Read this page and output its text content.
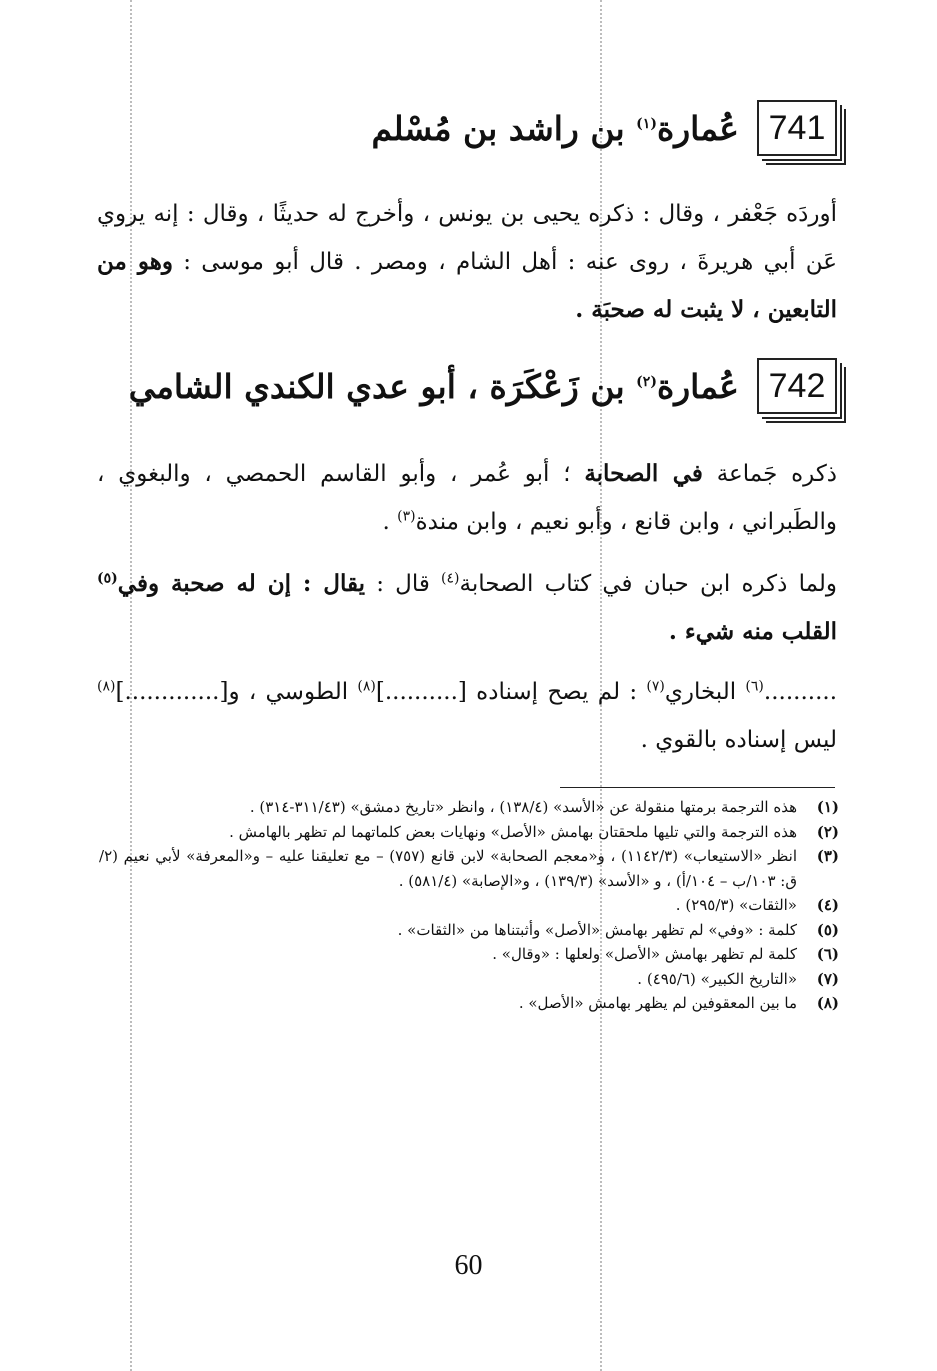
741
عُمارة$^{(١)}$ بن راشد بن مُسْلم
أوردَه جَعْفر ، وقال : ذكره يحيى بن يونس ، وأخرج له حديثًا ، وقال : إنه يروي عَن أبي هريرةَ ، روى عنه : أهل الشام ، ومصر . قال أبو موسى : وهو من التابعين ، لا يثبت له صحبَة .
742
عُمارة$^{(٢)}$ بن زَعْكَرَة ، أبو عدي الكندي الشامي
ذكره جَماعة في الصحابة ؛ أبو عُمر ، وأبو القاسم الحمصي ، والبغوي ، والطَبراني ، وابن قانع ، وأبو نعيم ، وابن مندة$^{(٣)}$ .
ولما ذكره ابن حبان في كتاب الصحابة$^{(٤)}$ قال : يقال : إن له صحبة وفي$^{(٥)}$ القلب منه شيء .
..........$^{(٦)}$ البخاري$^{(٧)}$ : لم يصح إسناده [..........]$^{(٨)}$ الطوسي ، و[.............]$^{(٨)}$ ليس إسناده بالقوي .
(١)
هذه الترجمة برمتها منقولة عن «الأسد» (١٣٨/٤) ، وانظر «تاريخ دمشق» (٣١١/٤٣-٣١٤) .
(٢)
هذه الترجمة والتي تليها ملحقتان بهامش «الأصل» ونهايات بعض كلماتهما لم تظهر بالهامش .
(٣)
انظر «الاستيعاب» (١١٤٢/٣) ، و«معجم الصحابة» لابن قانع (٧٥٧) – مع تعليقنا عليه – و«المعرفة» لأبي نعيم (٢/ق: ١٠٣/ب – ١٠٤/أ) ، و «الأسد» (١٣٩/٣) ، و«الإصابة» (٥٨١/٤) .
(٤)
«الثقات» (٢٩٥/٣) .
(٥)
كلمة : «وفي» لم تظهر بهامش «الأصل» وأثبتناها من «الثقات» .
(٦)
كلمة لم تظهر بهامش «الأصل» ولعلها : «وقال» .
(٧)
«التاريخ الكبير» (٤٩٥/٦) .
(٨)
ما بين المعقوفين لم يظهر بهامش «الأصل» .
60
